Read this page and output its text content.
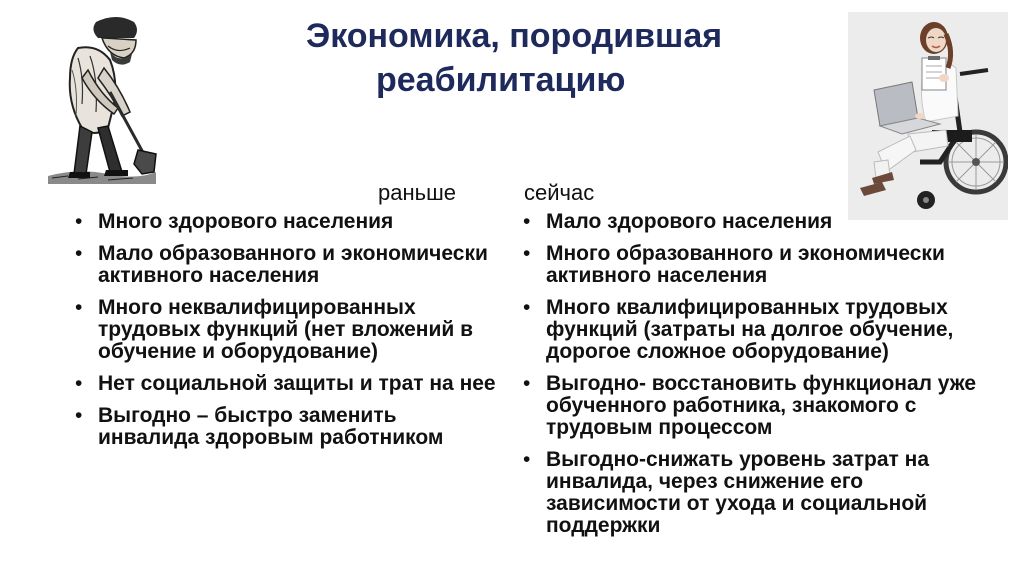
Экономика, породившая
реабилитацию
раньше	сейчас
• Много здорового населения
• Мало образованного и экономически активного населения
• Много неквалифицированных трудовых функций (нет вложений в обучение и оборудование)
• Нет социальной защиты и трат на нее
• Выгодно – быстро заменить инвалида здоровым работником
• Мало здорового населения
• Много образованного и экономически активного населения
• Много квалифицированных трудовых функций (затраты на долгое обучение, дорогое сложное оборудование)
• Выгодно- восстановить функционал уже обученного работника, знакомого с трудовым процессом
• Выгодно-снижать уровень затрат на инвалида, через снижение его зависимости от ухода и социальной поддержки
